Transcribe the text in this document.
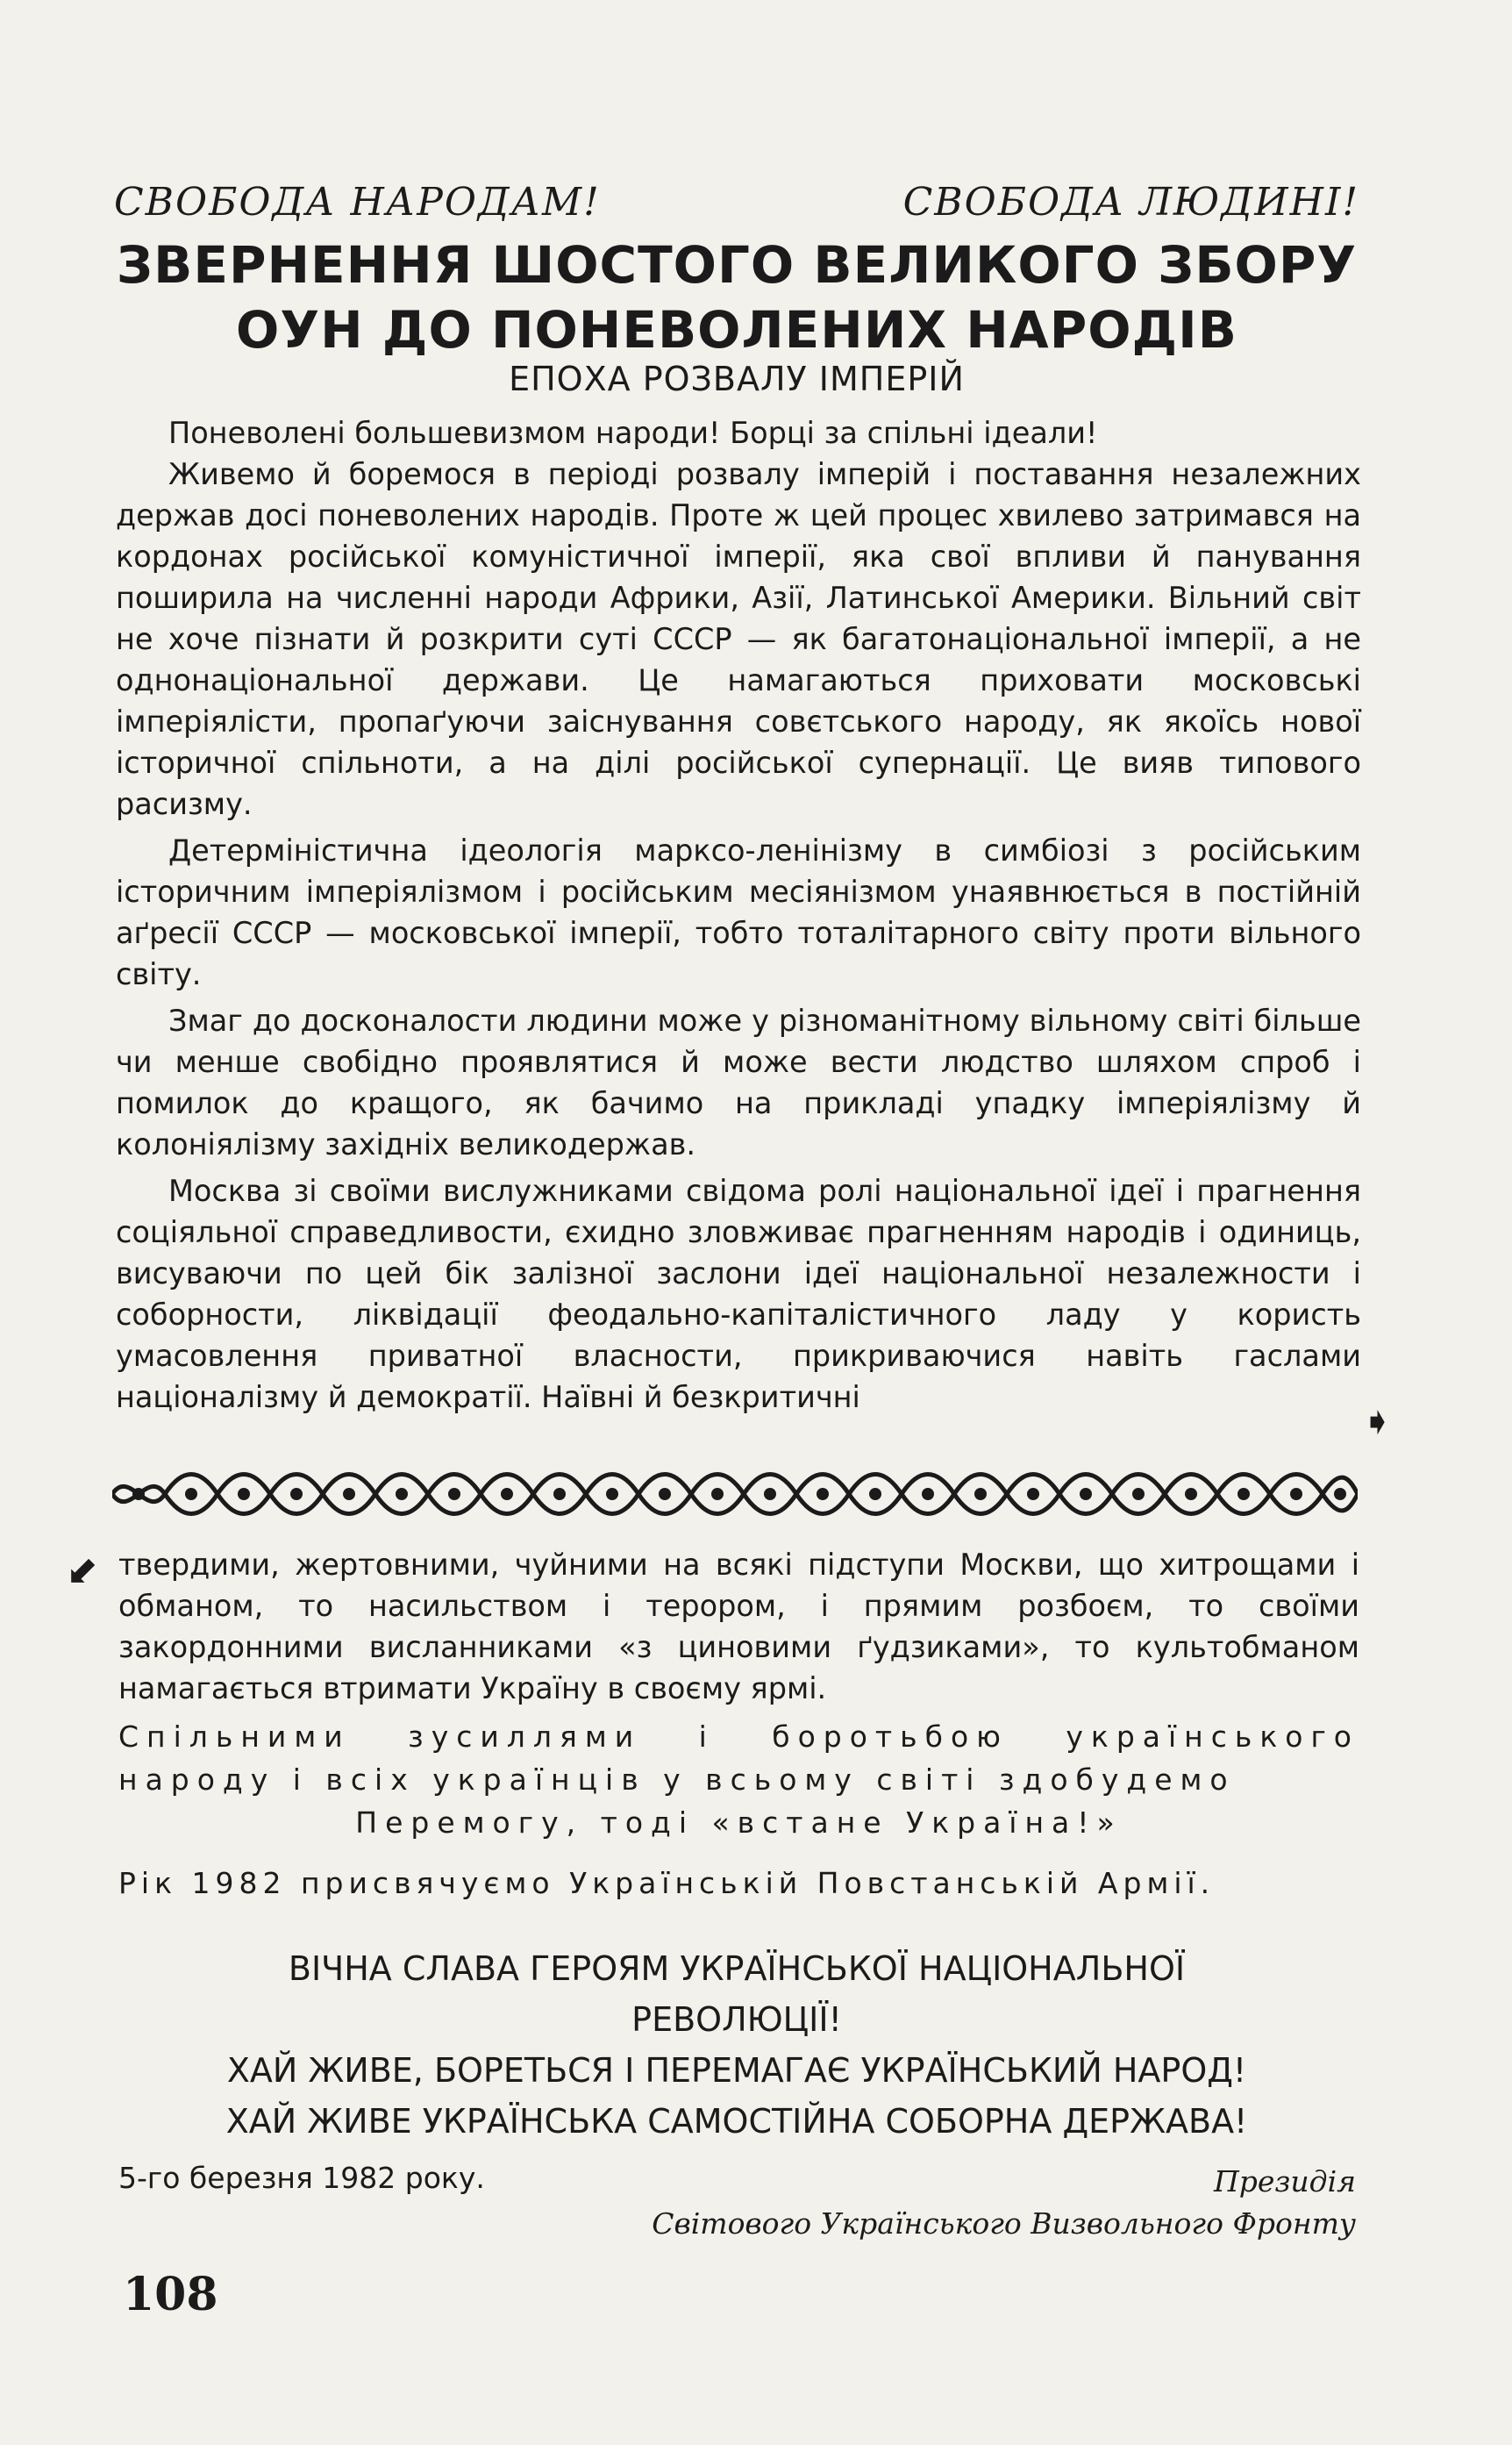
СВОБОДА НАРОДАМ!	СВОБОДА ЛЮДИНІ!
ЗВЕРНЕННЯ ШОСТОГО ВЕЛИКОГО ЗБОРУ
ОУН ДО ПОНЕВОЛЕНИХ НАРОДІВ
ЕПОХА РОЗВАЛУ ІМПЕРІЙ

Поневолені большевизмом народи! Борці за спільні ідеали!

Живемо й боремося в періоді розвалу імперій і поставання незалежних держав досі поневолених народів. Проте ж цей процес хвилево затримався на кордонах російської комуністичної імперії, яка свої впливи й панування поширила на численні народи Африки, Азії, Латинської Америки. Вільний світ не хоче пізнати й розкрити суті СССР — як багатонаціональної імперії, а не однонаціональної держави. Це намагаються приховати московські імперіялісти, пропаґуючи заіснування совєтського народу, як якоїсь нової історичної спільноти, а на ділі російської супернації. Це вияв типового расизму.

Детерміністична ідеологія марксо-ленінізму в симбіозі з російським історичним імперіялізмом і російським месіянізмом унаявнюється в постійній аґресії СССР — московської імперії, тобто тоталітарного світу проти вільного світу.

Змаг до досконалости людини може у різноманітному вільному світі більше чи менше свобідно проявлятися й може вести людство шляхом спроб і помилок до кращого, як бачимо на прикладі упадку імперіялізму й колоніялізму західніх великодержав.

Москва зі своїми вислужниками свідома ролі національної ідеї і прагнення соціяльної справедливости, єхидно зловживає прагненням народів і одиниць, висуваючи по цей бік залізної заслони ідеї національної незалежности і соборности, ліквідації феодально-капіталістичного ладу у користь умасовлення приватної власности, прикриваючися навіть гаслами націоналізму й демократії. Наївні й безкритичні

➧
⬋ твердими, жертовними, чуйними на всякі підступи Москви, що хитрощами і обманом, то насильством і терором, і прямим розбоєм, то своїми закордонними висланниками «з циновими ґудзиками», то культобманом намагається втримати Україну в своєму ярмі.

Спільними зусиллями і боротьбою українського народу і всіх українців у всьому світі здобудемо

Перемогу, тоді «встане Україна!»

Рік 1982 присвячуємо Українській Повстанській Армії.

ВІЧНА СЛАВА ГЕРОЯМ УКРАЇНСЬКОЇ НАЦІОНАЛЬНОЇ

РЕВОЛЮЦІЇ!

ХАЙ ЖИВЕ, БОРЕТЬСЯ І ПЕРЕМАГАЄ УКРАЇНСЬКИЙ НАРОД!

ХАЙ ЖИВЕ УКРАЇНСЬКА САМОСТІЙНА СОБОРНА ДЕРЖАВА!

5-го березня 1982 року.	Президія

Світового Українського Визвольного Фронту

108
